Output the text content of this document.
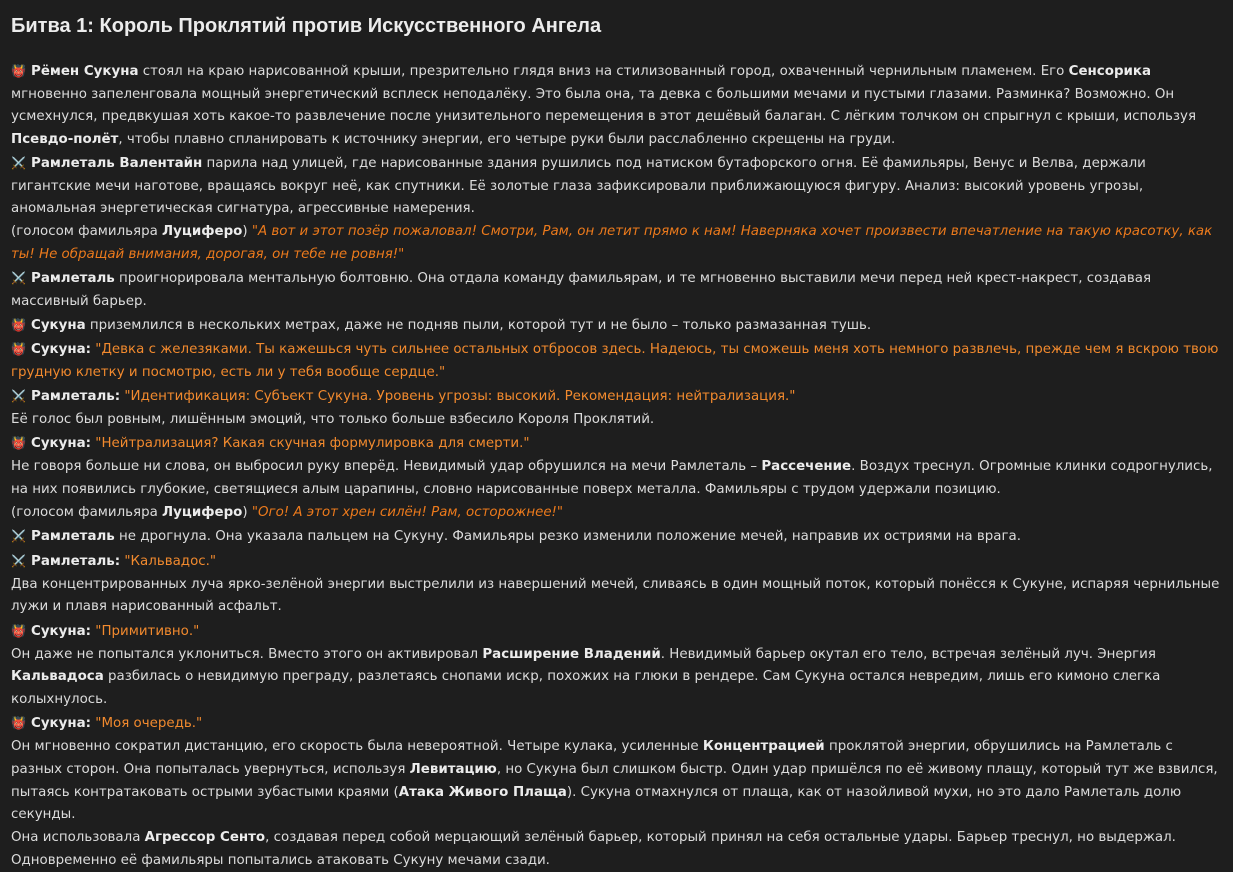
Битва 1: Король Проклятий против Искусственного Ангела
👹 Рёмен Сукуна стоял на краю нарисованной крыши, презрительно глядя вниз на стилизованный город, охваченный чернильным пламенем. Его Сенсорика мгновенно запеленговала мощный энергетический всплеск неподалёку. Это была она, та девка с большими мечами и пустыми глазами. Разминка? Возможно. Он усмехнулся, предвкушая хоть какое-то развлечение после унизительного перемещения в этот дешёвый балаган. С лёгким толчком он спрыгнул с крыши, используя Псевдо-полёт, чтобы плавно спланировать к источнику энергии, его четыре руки были расслабленно скрещены на груди.
⚔️ Рамлеталь Валентайн парила над улицей, где нарисованные здания рушились под натиском бутафорского огня. Её фамильяры, Венус и Велва, держали гигантские мечи наготове, вращаясь вокруг неё, как спутники. Её золотые глаза зафиксировали приближающуюся фигуру. Анализ: высокий уровень угрозы, аномальная энергетическая сигнатура, агрессивные намерения.
(голосом фамильяра Луциферо) "А вот и этот позёр пожаловал! Смотри, Рам, он летит прямо к нам! Наверняка хочет произвести впечатление на такую красотку, как ты! Не обращай внимания, дорогая, он тебе не ровня!"
⚔️ Рамлеталь проигнорировала ментальную болтовню. Она отдала команду фамильярам, и те мгновенно выставили мечи перед ней крест-накрест, создавая массивный барьер.
👹 Сукуна приземлился в нескольких метрах, даже не подняв пыли, которой тут и не было – только размазанная тушь.
👹 Сукуна: "Девка с железяками. Ты кажешься чуть сильнее остальных отбросов здесь. Надеюсь, ты сможешь меня хоть немного развлечь, прежде чем я вскрою твою грудную клетку и посмотрю, есть ли у тебя вообще сердце."
⚔️ Рамлеталь: "Идентификация: Субъект Сукуна. Уровень угрозы: высокий. Рекомендация: нейтрализация."
Её голос был ровным, лишённым эмоций, что только больше взбесило Короля Проклятий.
👹 Сукуна: "Нейтрализация? Какая скучная формулировка для смерти."
Не говоря больше ни слова, он выбросил руку вперёд. Невидимый удар обрушился на мечи Рамлеталь – Рассечение. Воздух треснул. Огромные клинки содрогнулись, на них появились глубокие, светящиеся алым царапины, словно нарисованные поверх металла. Фамильяры с трудом удержали позицию.
(голосом фамильяра Луциферо) "Ого! А этот хрен силён! Рам, осторожнее!"
⚔️ Рамлеталь не дрогнула. Она указала пальцем на Сукуну. Фамильяры резко изменили положение мечей, направив их остриями на врага.
⚔️ Рамлеталь: "Кальвадос."
Два концентрированных луча ярко-зелёной энергии выстрелили из навершений мечей, сливаясь в один мощный поток, который понёсся к Сукуне, испаряя чернильные лужи и плавя нарисованный асфальт.
👹 Сукуна: "Примитивно."
Он даже не попытался уклониться. Вместо этого он активировал Расширение Владений. Невидимый барьер окутал его тело, встречая зелёный луч. Энергия Кальвадоса разбилась о невидимую преграду, разлетаясь снопами искр, похожих на глюки в рендере. Сам Сукуна остался невредим, лишь его кимоно слегка колыхнулось.
👹 Сукуна: "Моя очередь."
Он мгновенно сократил дистанцию, его скорость была невероятной. Четыре кулака, усиленные Концентрацией проклятой энергии, обрушились на Рамлеталь с разных сторон. Она попыталась увернуться, используя Левитацию, но Сукуна был слишком быстр. Один удар пришёлся по её живому плащу, который тут же взвился, пытаясь контратаковать острыми зубастыми краями (Атака Живого Плаща). Сукуна отмахнулся от плаща, как от назойливой мухи, но это дало Рамлеталь долю секунды.
Она использовала Агрессор Сенто, создавая перед собой мерцающий зелёный барьер, который принял на себя остальные удары. Барьер треснул, но выдержал. Одновременно её фамильяры попытались атаковать Сукуну мечами сзади.
